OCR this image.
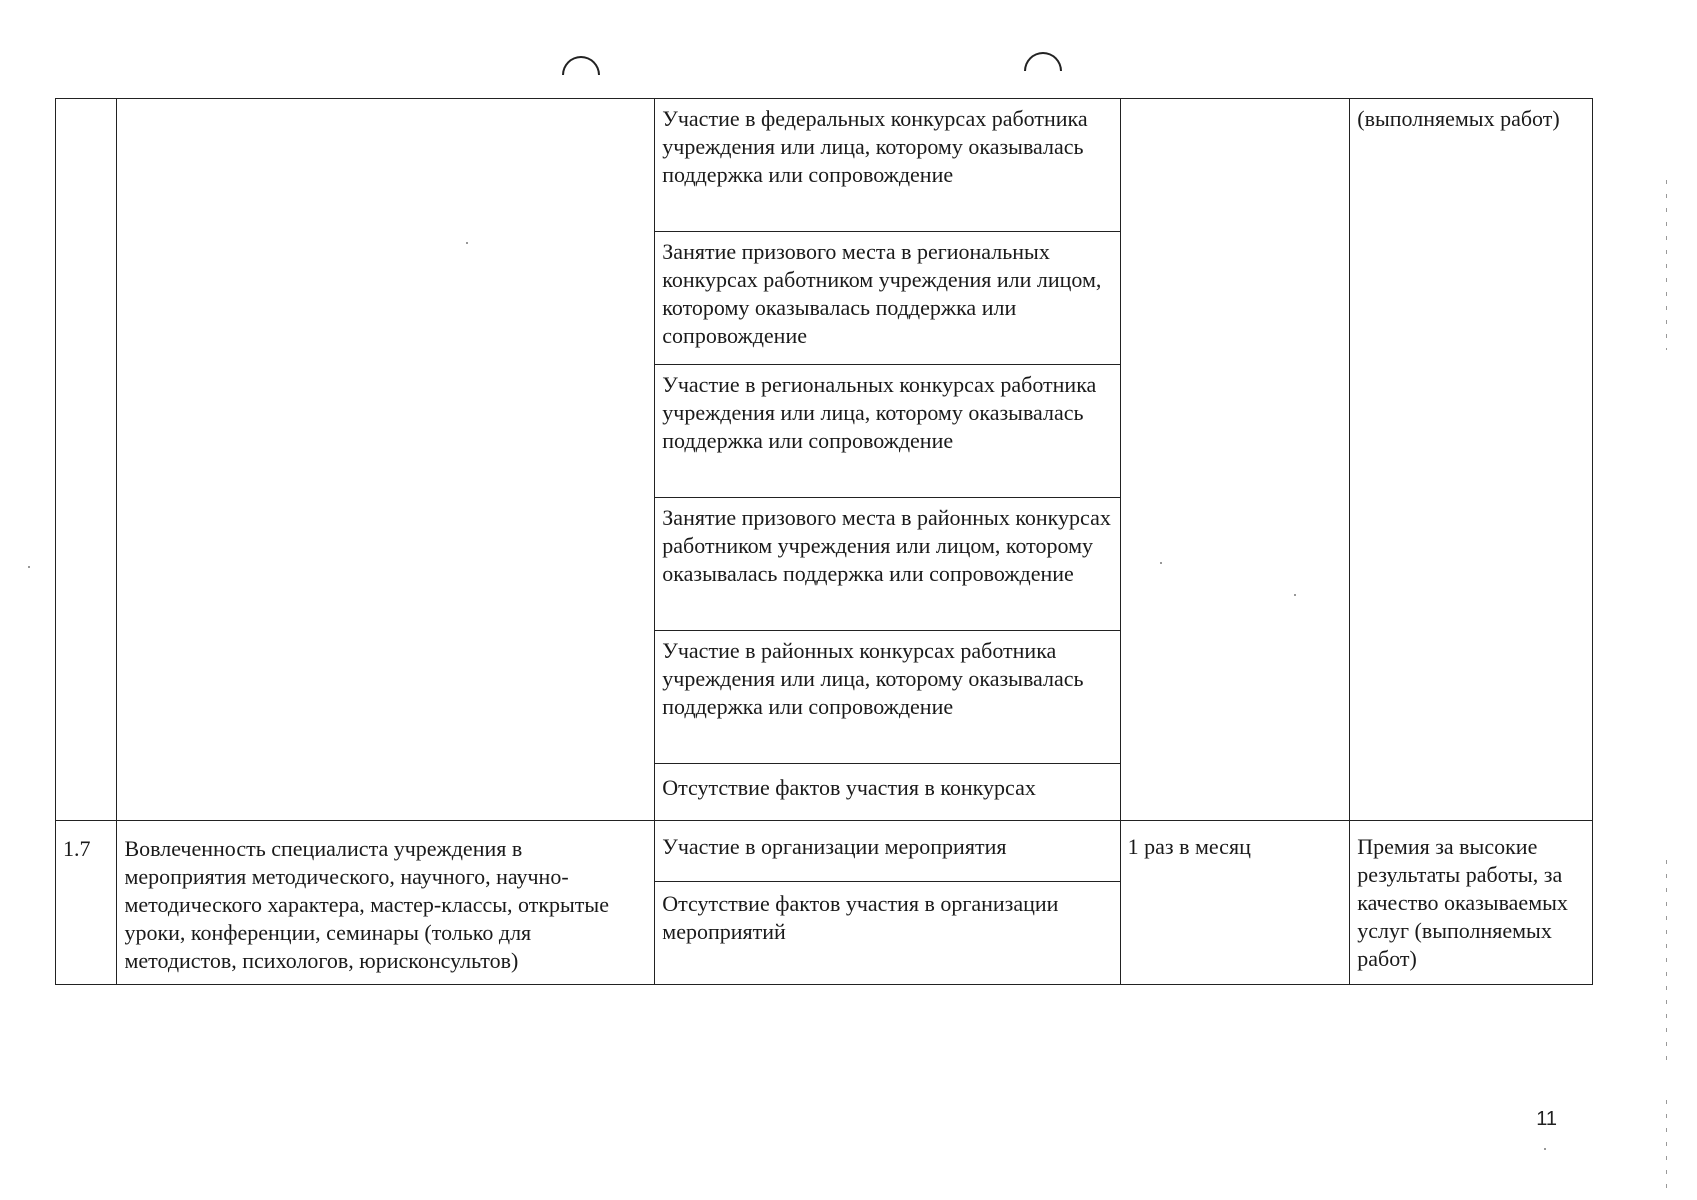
		Участие в федеральных конкурсах работника учреждения или лица, которому оказывалась поддержка или сопровождение		(выполняемых работ)
		Занятие призового места в региональных конкурсах работником учреждения или лицом, которому оказывалась поддержка или сопровождение		
		Участие в региональных конкурсах работника учреждения или лица, которому оказывалась поддержка или сопровождение		
		Занятие призового места в районных конкурсах работником учреждения или лицом, которому оказывалась поддержка или сопровождение		
		Участие в районных конкурсах работника учреждения или лица, которому оказывалась поддержка или сопровождение		
		Отсутствие фактов участия в конкурсах		
1.7	Вовлеченность специалиста учреждения в мероприятия методического, научного, научно-методического характера, мастер-классы, открытые уроки, конференции, семинары (только для методистов, психологов, юрисконсультов)	Участие в организации мероприятия	1 раз в месяц	Премия за высокие результаты работы, за качество оказываемых услуг (выполняемых работ)
		Отсутствие фактов участия в организации мероприятий		
11
